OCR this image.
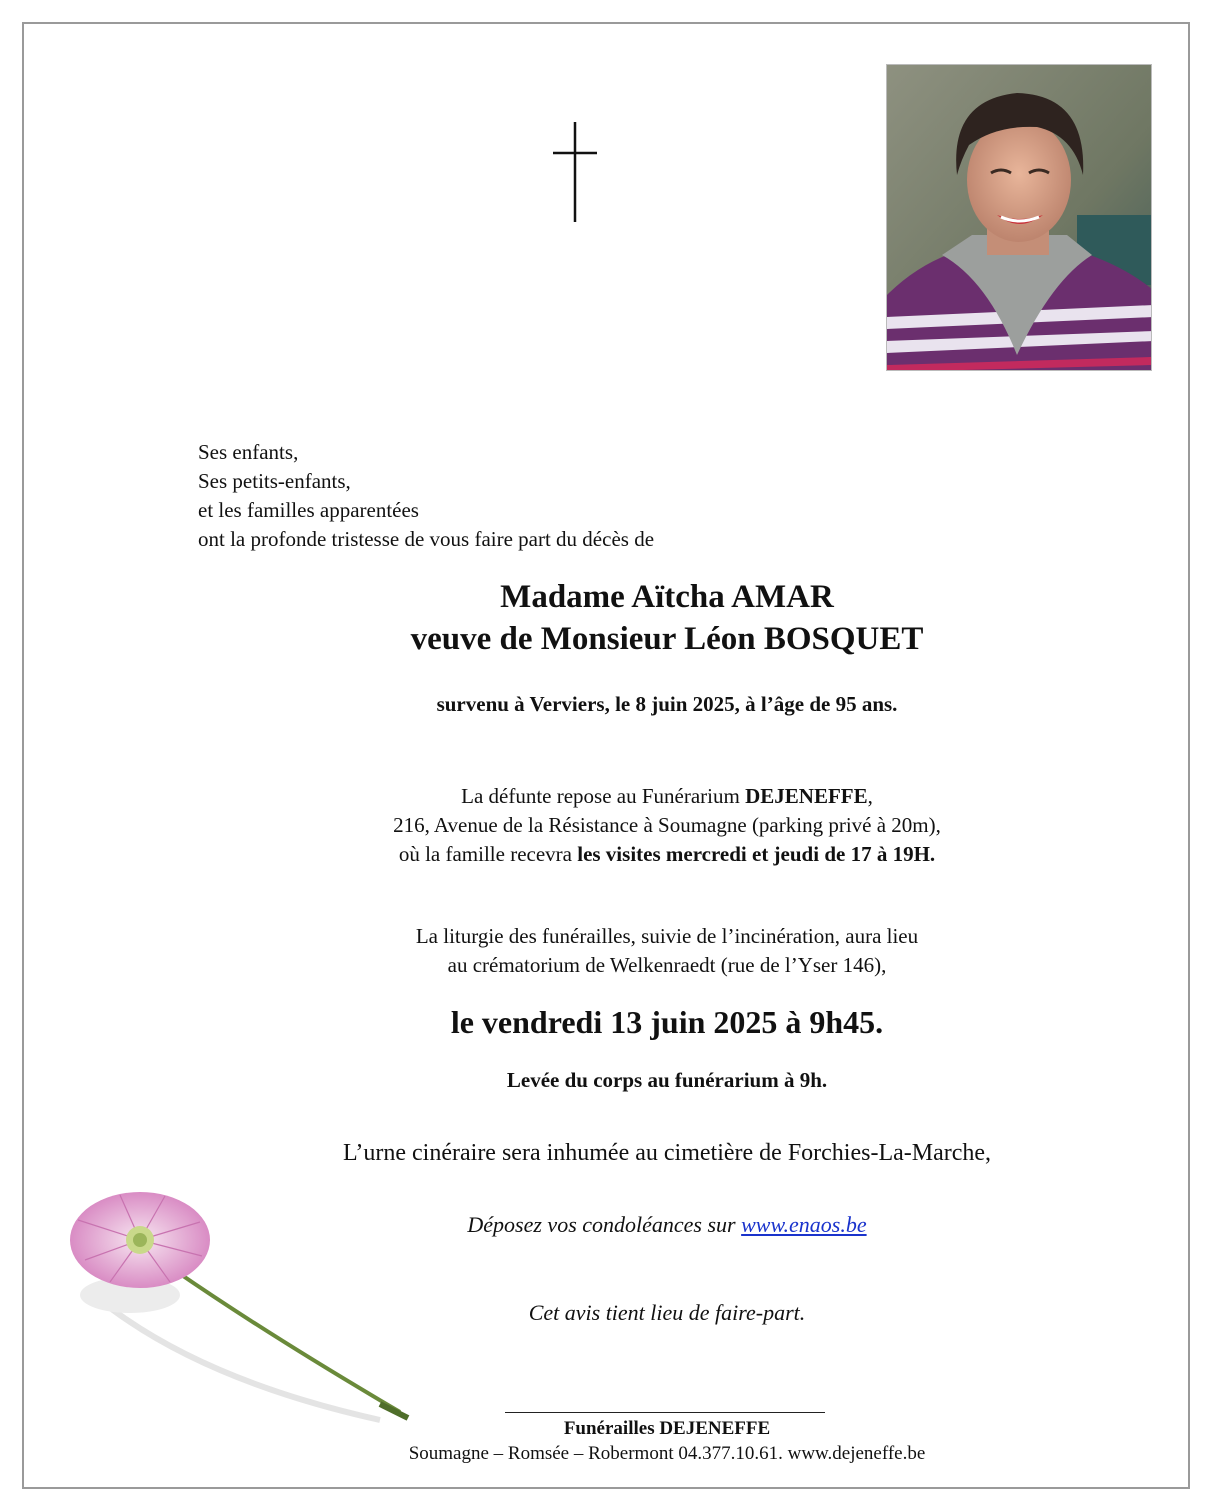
Ses enfants,
Ses petits-enfants,
et les familles apparentées
ont la profonde tristesse de vous faire part du décès de
Madame Aïtcha AMAR
veuve de Monsieur Léon BOSQUET
survenu à Verviers, le 8 juin 2025, à l’âge de 95 ans.
La défunte repose au Funérarium DEJENEFFE,
216, Avenue de la Résistance à Soumagne (parking privé à 20m),
où la famille recevra les visites mercredi et jeudi de 17 à 19H.
La liturgie des funérailles, suivie de l’incinération, aura lieu
au crématorium de Welkenraedt (rue de l’Yser 146),
le vendredi 13 juin 2025 à 9h45.
Levée du corps au funérarium à 9h.
L’urne cinéraire sera inhumée au cimetière de Forchies-La-Marche,
Déposez vos condoléances sur www.enaos.be
Cet avis tient lieu de faire-part.
Funérailles DEJENEFFE
Soumagne – Romsée – Robermont 04.377.10.61. www.dejeneffe.be
